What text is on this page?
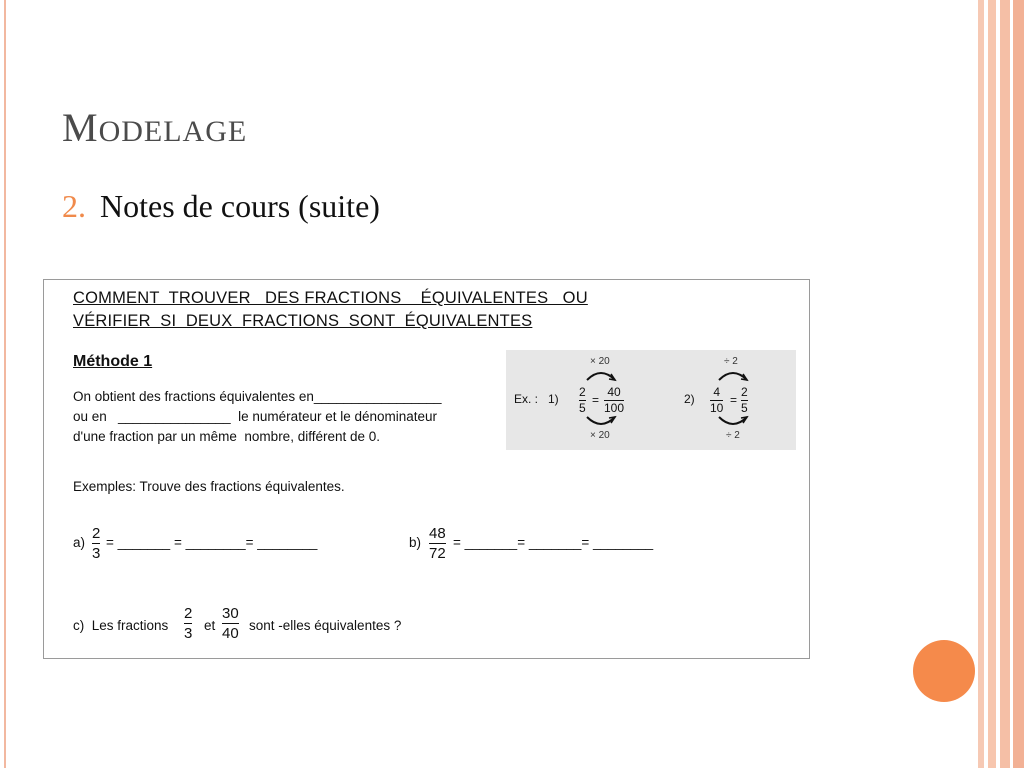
MODELAGE
2. Notes de cours (suite)
COMMENT  TROUVER   DES FRACTIONS    ÉQUIVALENTES   OU
VÉRIFIER  SI  DEUX  FRACTIONS  SONT  ÉQUIVALENTES
Méthode 1
On obtient des fractions équivalentes en_________________
ou en   _______________  le numérateur et le dénominateur
d'une fraction par un même  nombre, différent de 0.
Ex. :   1)
× 20
2
5
=
40
100
× 20
2)
÷ 2
4
10
=
2
5
÷ 2
Exemples: Trouve des fractions équivalentes.
a)
2
3
= _______ = ________= ________	b)
48
72
= _______= _______= ________
c)  Les fractions
2
3 et
30
40 sont -elles équivalentes ?
